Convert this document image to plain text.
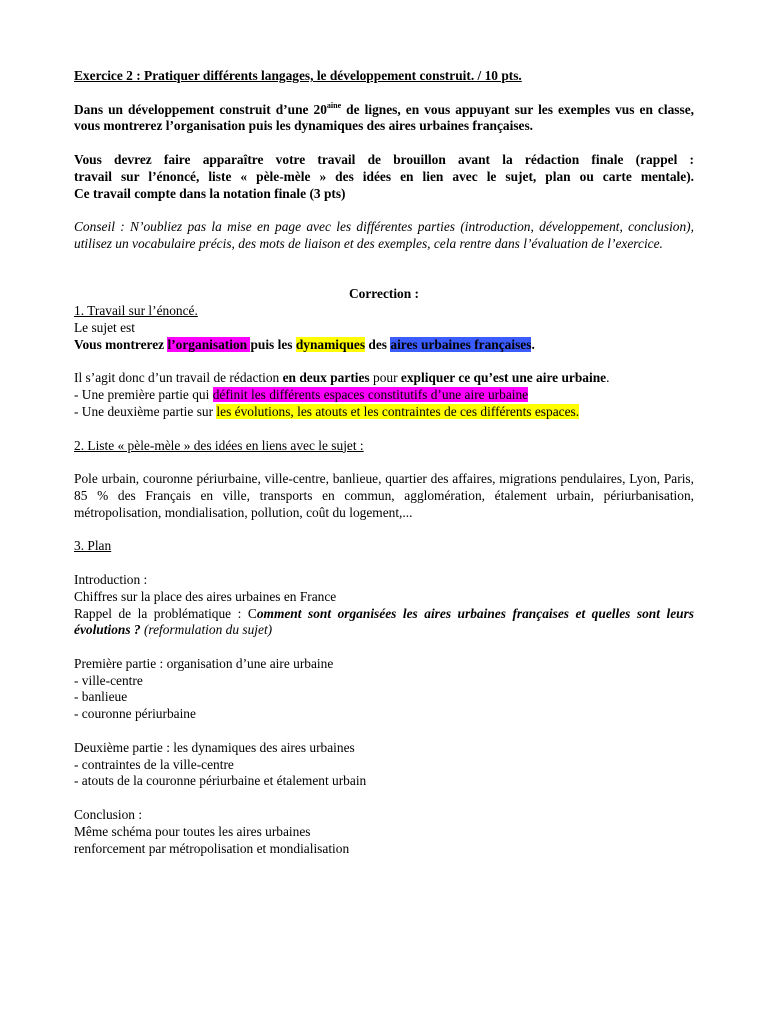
Exercice 2 : Pratiquer différents langages, le développement construit. / 10 pts.

Dans un développement construit d’une $20^{aine}$ de lignes, en vous appuyant sur les exemples vus en classe, vous montrerez l’organisation puis les dynamiques des aires urbaines françaises.

Vous devrez faire apparaître votre travail de brouillon avant la rédaction finale (rappel :

travail sur l’énoncé, liste « pèle-mèle » des idées en lien avec le sujet, plan ou carte mentale).

Ce travail compte dans la notation finale (3 pts)

Conseil : N’oubliez pas la mise en page avec les différentes parties (introduction, développement, conclusion), utilisez un vocabulaire précis, des mots de liaison et des exemples, cela rentre dans l’évaluation de l’exercice.

Correction :

1. Travail sur l’énoncé.

Le sujet est

Vous montrerez l’organisation puis les dynamiques des aires urbaines françaises.

Il s’agit donc d’un travail de rédaction en deux parties pour expliquer ce qu’est une aire urbaine.

- Une première partie qui définit les différents espaces constitutifs d’une aire urbaine

- Une deuxième partie sur les évolutions, les atouts et les contraintes de ces différents espaces.

2. Liste « pèle-mèle » des idées en liens avec le sujet :

Pole urbain, couronne périurbaine, ville-centre, banlieue, quartier des affaires, migrations pendulaires, Lyon, Paris, 85 % des Français en ville, transports en commun, agglomération, étalement urbain, périurbanisation, métropolisation, mondialisation, pollution, coût du logement,...

3. Plan

Introduction :

Chiffres sur la place des aires urbaines en France

Rappel de la problématique : Comment sont organisées les aires urbaines françaises et quelles sont leurs évolutions ? (reformulation du sujet)

Première partie : organisation d’une aire urbaine

- ville-centre

- banlieue

- couronne périurbaine

Deuxième partie : les dynamiques des aires urbaines

- contraintes de la ville-centre

- atouts de la couronne périurbaine et étalement urbain

Conclusion :

Même schéma pour toutes les aires urbaines

renforcement par métropolisation et mondialisation
